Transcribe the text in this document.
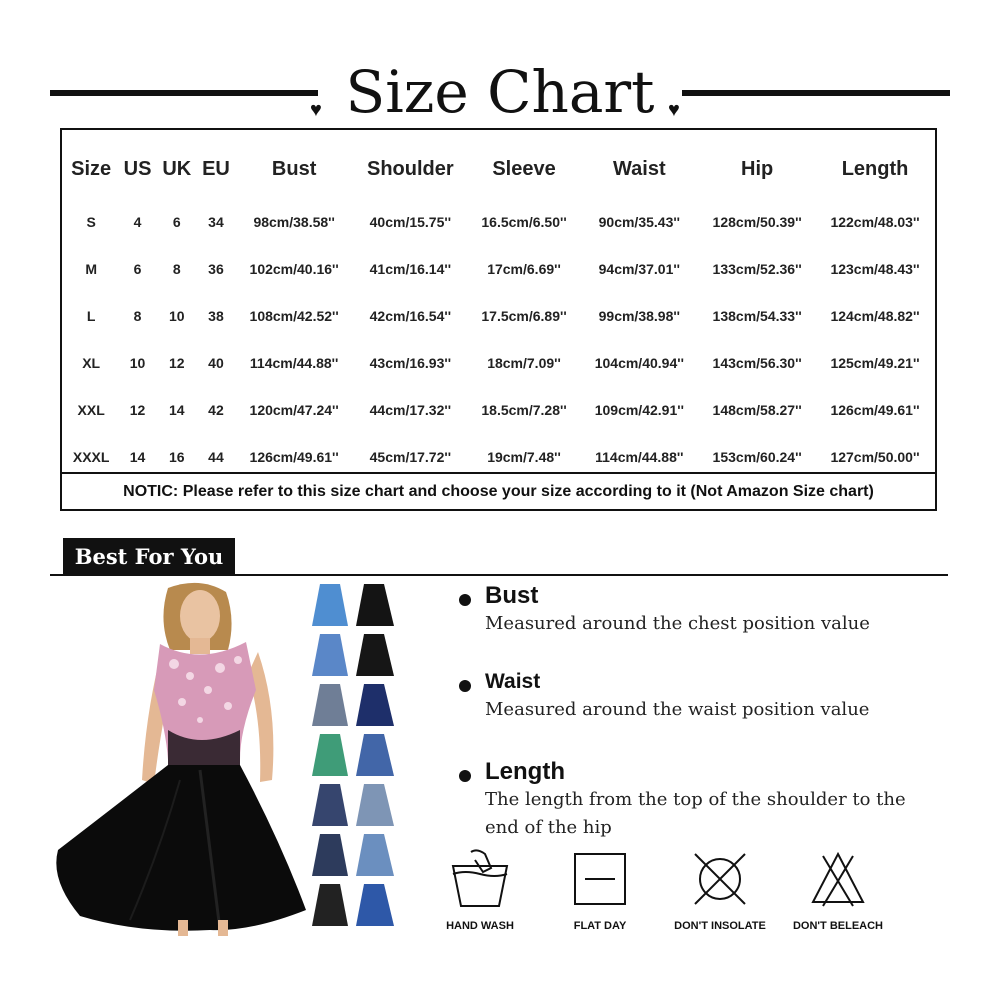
♥ Size Chart ♥
Size	US	UK	EU	Bust	Shoulder	Sleeve	Waist	Hip	Length
S	4	6	34	98cm/38.58''	40cm/15.75''	16.5cm/6.50''	90cm/35.43''	128cm/50.39''	122cm/48.03''
M	6	8	36	102cm/40.16''	41cm/16.14''	17cm/6.69''	94cm/37.01''	133cm/52.36''	123cm/48.43''
L	8	10	38	108cm/42.52''	42cm/16.54''	17.5cm/6.89''	99cm/38.98''	138cm/54.33''	124cm/48.82''
XL	10	12	40	114cm/44.88''	43cm/16.93''	18cm/7.09''	104cm/40.94''	143cm/56.30''	125cm/49.21''
XXL	12	14	42	120cm/47.24''	44cm/17.32''	18.5cm/7.28''	109cm/42.91''	148cm/58.27''	126cm/49.61''
XXXL	14	16	44	126cm/49.61''	45cm/17.72''	19cm/7.48''	114cm/44.88''	153cm/60.24''	127cm/50.00''
NOTIC: Please refer to this size chart and choose your size according to it (Not Amazon Size chart)
Best For You
Bust
Measured around the chest position value
Waist
Measured around the waist position value
Length
The length from the top of the shoulder to the end of the hip
HAND WASH	FLAT DAY	DON'T INSOLATE	DON'T BELEACH
